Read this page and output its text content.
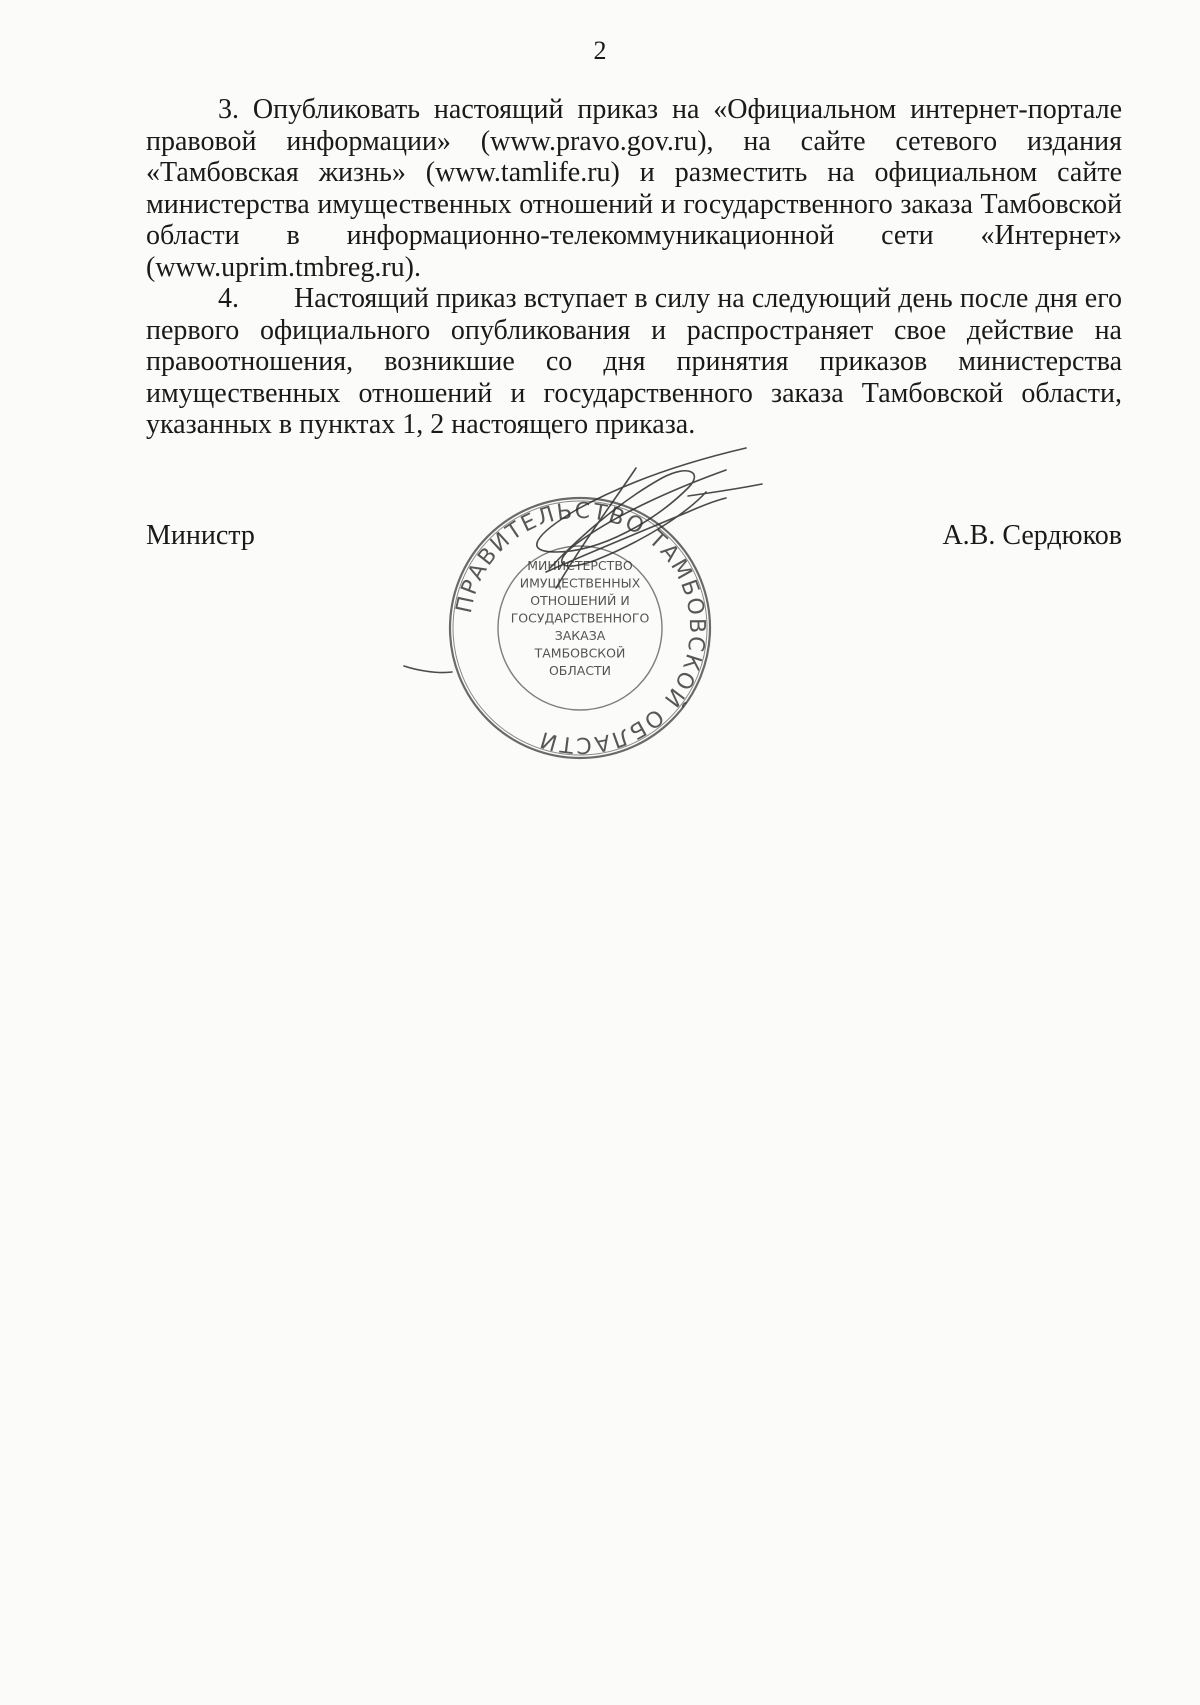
2

3. Опубликовать настоящий приказ на «Официальном интернет-портале правовой информации» (www.pravo.gov.ru), на сайте сетевого издания «Тамбовская жизнь» (www.tamlife.ru) и разместить на официальном сайте министерства имущественных отношений и государственного заказа Тамбовской области в информационно-телекоммуникационной сети «Интернет» (www.uprim.tmbreg.ru).

4. Настоящий приказ вступает в силу на следующий день после дня его первого официального опубликования и распространяет свое действие на правоотношения, возникшие со дня принятия приказов министерства имущественных отношений и государственного заказа Тамбовской области, указанных в пунктах 1, 2 настоящего приказа.

ПРАВИТЕЛЬСТВО ТАМБОВСКОЙ ОБЛАСТИ
МИНИСТЕРСТВО
ИМУЩЕСТВЕННЫХ
ОТНОШЕНИЙ И
ГОСУДАРСТВЕННОГО
ЗАКАЗА
ТАМБОВСКОЙ
ОБЛАСТИ
Министр	А.В. Сердюков
